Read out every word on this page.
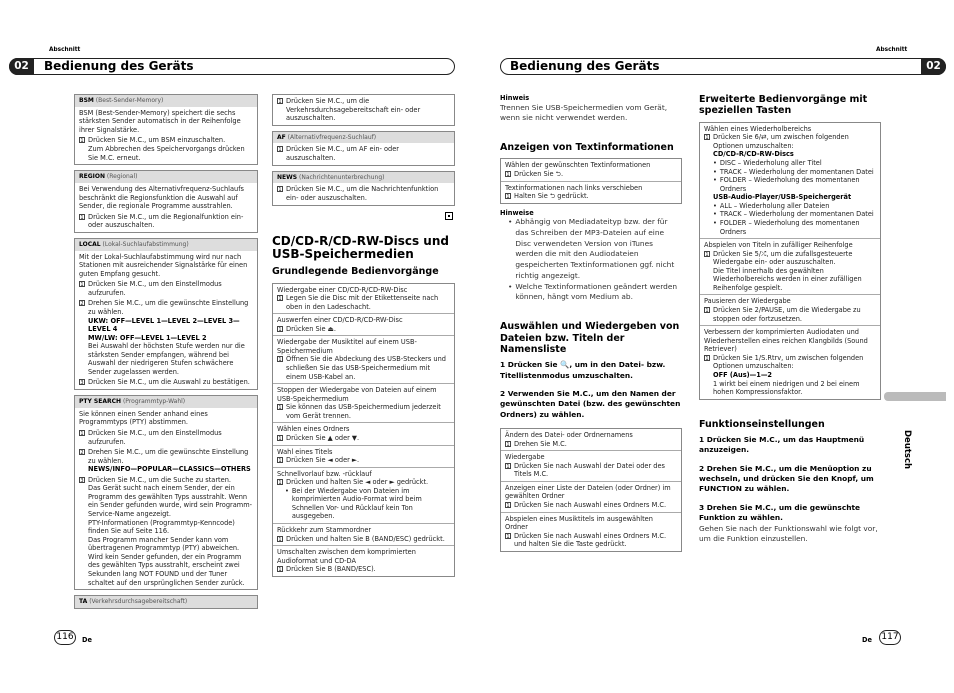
Abschnitt	Abschnitt
02	Bedienung des Geräts	Bedienung des Geräts	02
BSM (Best-Sender-Memory)
BSM (Best-Sender-Memory) speichert die sechs stärksten Sender automatisch in der Reihenfolge ihrer Signalstärke.
1 Drücken Sie M.C., um BSM einzuschalten.
Zum Abbrechen des Speichervorgangs drücken Sie M.C. erneut.
REGION (Regional)
Bei Verwendung des Alternativfrequenz-Suchlaufs beschränkt die Regionsfunktion die Auswahl auf Sender, die regionale Programme ausstrahlen.
1 Drücken Sie M.C., um die Regionalfunktion ein- oder auszuschalten.
LOCAL (Lokal-Suchlaufabstimmung)
Mit der Lokal-Suchlaufabstimmung wird nur nach Stationen mit ausreichender Signalstärke für einen guten Empfang gesucht.
1 Drücken Sie M.C., um den Einstellmodus aufzurufen.
2 Drehen Sie M.C., um die gewünschte Einstellung zu wählen.
UKW: OFF—LEVEL 1—LEVEL 2—LEVEL 3—LEVEL 4
MW/LW: OFF—LEVEL 1—LEVEL 2
Bei Auswahl der höchsten Stufe werden nur die stärksten Sender empfangen, während bei Auswahl der niedrigeren Stufen schwächere Sender zugelassen werden.
3 Drücken Sie M.C., um die Auswahl zu bestätigen.
PTY SEARCH (Programmtyp-Wahl)
Sie können einen Sender anhand eines Programmtyps (PTY) abstimmen.
1 Drücken Sie M.C., um den Einstellmodus aufzurufen.
2 Drehen Sie M.C., um die gewünschte Einstellung zu wählen.
NEWS/INFO—POPULAR—CLASSICS—OTHERS
3 Drücken Sie M.C., um die Suche zu starten.
Das Gerät sucht nach einem Sender, der ein Programm des gewählten Typs ausstrahlt. Wenn ein Sender gefunden wurde, wird sein Programm-Service-Name angezeigt.
PTY-Informationen (Programmtyp-Kenncode) finden Sie auf Seite 116.
Das Programm mancher Sender kann vom übertragenen Programmtyp (PTY) abweichen.
Wird kein Sender gefunden, der ein Programm des gewählten Typs ausstrahlt, erscheint zwei Sekunden lang NOT FOUND und der Tuner schaltet auf den ursprünglichen Sender zurück.
TA (Verkehrsdurchsagebereitschaft)
1 Drücken Sie M.C., um die Verkehrsdurchsagebereitschaft ein- oder auszuschalten.
AF (Alternativfrequenz-Suchlauf)
1 Drücken Sie M.C., um AF ein- oder auszuschalten.
NEWS (Nachrichtenunterbrechung)
1 Drücken Sie M.C., um die Nachrichtenfunktion ein- oder auszuschalten.
CD/CD-R/CD-RW-Discs und USB-Speichermedien
Grundlegende Bedienvorgänge
Wiedergabe einer CD/CD-R/CD-RW-Disc
1 Legen Sie die Disc mit der Etikettenseite nach oben in den Ladeschacht.
Auswerfen einer CD/CD-R/CD-RW-Disc
1 Drücken Sie ⏏.
Wiedergabe der Musiktitel auf einem USB-Speichermedium
1 Öffnen Sie die Abdeckung des USB-Steckers und schließen Sie das USB-Speichermedium mit einem USB-Kabel an.
Stoppen der Wiedergabe von Dateien auf einem USB-Speichermedium
1 Sie können das USB-Speichermedium jederzeit vom Gerät trennen.
Wählen eines Ordners
1 Drücken Sie ▲ oder ▼.
Wahl eines Titels
1 Drücken Sie ◄ oder ►.
Schnellvorlauf bzw. -rücklauf
1 Drücken und halten Sie ◄ oder ► gedrückt.
• Bei der Wiedergabe von Dateien im komprimierten Audio-Format wird beim Schnellen Vor- und Rücklauf kein Ton ausgegeben.
Rückkehr zum Stammordner
1 Drücken und halten Sie B (BAND/ESC) gedrückt.
Umschalten zwischen dem komprimierten Audioformat und CD-DA
1 Drücken Sie B (BAND/ESC).
Hinweis
Trennen Sie USB-Speichermedien vom Gerät, wenn sie nicht verwendet werden.
Anzeigen von Textinformationen
Wählen der gewünschten Textinformationen
1 Drücken Sie ⮌.
Textinformationen nach links verschieben
1 Halten Sie ⮌ gedrückt.
Hinweise
• Abhängig von Mediadateityp bzw. der für das Schreiben der MP3-Dateien auf eine Disc verwendeten Version von iTunes werden die mit den Audiodateien gespeicherten Textinformationen ggf. nicht richtig angezeigt.
• Welche Textinformationen geändert werden können, hängt vom Medium ab.
Auswählen und Wiedergeben von Dateien bzw. Titeln der Namensliste
1 Drücken Sie 🔍, um in den Datei- bzw. Titellistenmodus umzuschalten.
2 Verwenden Sie M.C., um den Namen der gewünschten Datei (bzw. des gewünschten Ordners) zu wählen.
Ändern des Datei- oder Ordnernamens
1 Drehen Sie M.C.
Wiedergabe
1 Drücken Sie nach Auswahl der Datei oder des Titels M.C.
Anzeigen einer Liste der Dateien (oder Ordner) im gewählten Ordner
1 Drücken Sie nach Auswahl eines Ordners M.C.
Abspielen eines Musiktitels im ausgewählten Ordner
1 Drücken Sie nach Auswahl eines Ordners M.C. und halten Sie die Taste gedrückt.
Erweiterte Bedienvorgänge mit speziellen Tasten
Wählen eines Wiederholbereichs
1 Drücken Sie 6/⇄, um zwischen folgenden Optionen umzuschalten:
CD/CD-R/CD-RW-Discs
• DISC – Wiederholung aller Titel
• TRACK – Wiederholung der momentanen Datei
• FOLDER – Wiederholung des momentanen Ordners
USB-Audio-Player/USB-Speichergerät
• ALL – Wiederholung aller Dateien
• TRACK – Wiederholung der momentanen Datei
• FOLDER – Wiederholung des momentanen Ordners
Abspielen von Titeln in zufälliger Reihenfolge
1 Drücken Sie 5/⤮, um die zufallsgesteuerte Wiedergabe ein- oder auszuschalten.
Die Titel innerhalb des gewählten Wiederholbereichs werden in einer zufälligen Reihenfolge gespielt.
Pausieren der Wiedergabe
1 Drücken Sie 2/PAUSE, um die Wiedergabe zu stoppen oder fortzusetzen.
Verbessern der komprimierten Audiodaten und Wiederherstellen eines reichen Klangbilds (Sound Retriever)
1 Drücken Sie 1/S.Rtrv, um zwischen folgenden Optionen umzuschalten:
OFF (Aus)—1—2
1 wirkt bei einem niedrigen und 2 bei einem hohen Kompressionsfaktor.
Funktionseinstellungen
1 Drücken Sie M.C., um das Hauptmenü anzuzeigen.
2 Drehen Sie M.C., um die Menüoption zu wechseln, und drücken Sie den Knopf, um FUNCTION zu wählen.
3 Drehen Sie M.C., um die gewünschte Funktion zu wählen.
Gehen Sie nach der Funktionswahl wie folgt vor, um die Funktion einzustellen.
Deutsch
116	De	De 117
